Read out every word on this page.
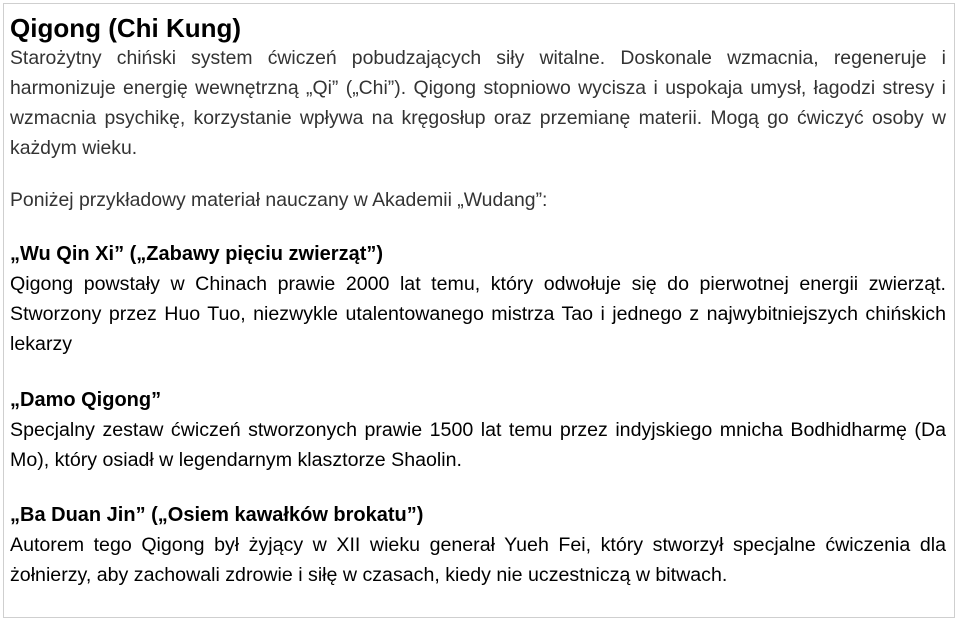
Qigong (Chi Kung)

Starożytny chiński system ćwiczeń pobudzających siły witalne. Doskonale wzmacnia, regeneruje i harmonizuje energię wewnętrzną „Qi” („Chi”). Qigong stopniowo wycisza i uspokaja umysł, łagodzi stresy i wzmacnia psychikę, korzystanie wpływa na kręgosłup oraz przemianę materii. Mogą go ćwiczyć osoby w każdym wieku.

Poniżej przykładowy materiał nauczany w Akademii „Wudang”:

„Wu Qin Xi” („Zabawy pięciu zwierząt”)

Qigong powstały w Chinach prawie 2000 lat temu, który odwołuje się do pierwotnej energii zwierząt. Stworzony przez Huo Tuo, niezwykle utalentowanego mistrza Tao i jednego z najwybitniejszych chińskich lekarzy

„Damo Qigong”

Specjalny zestaw ćwiczeń stworzonych prawie 1500 lat temu przez indyjskiego mnicha Bodhidharmę (Da Mo), który osiadł w legendarnym klasztorze Shaolin.

„Ba Duan Jin” („Osiem kawałków brokatu”)

Autorem tego Qigong był żyjący w XII wieku generał Yueh Fei, który stworzył specjalne ćwiczenia dla żołnierzy, aby zachowali zdrowie i siłę w czasach, kiedy nie uczestniczą w bitwach.
